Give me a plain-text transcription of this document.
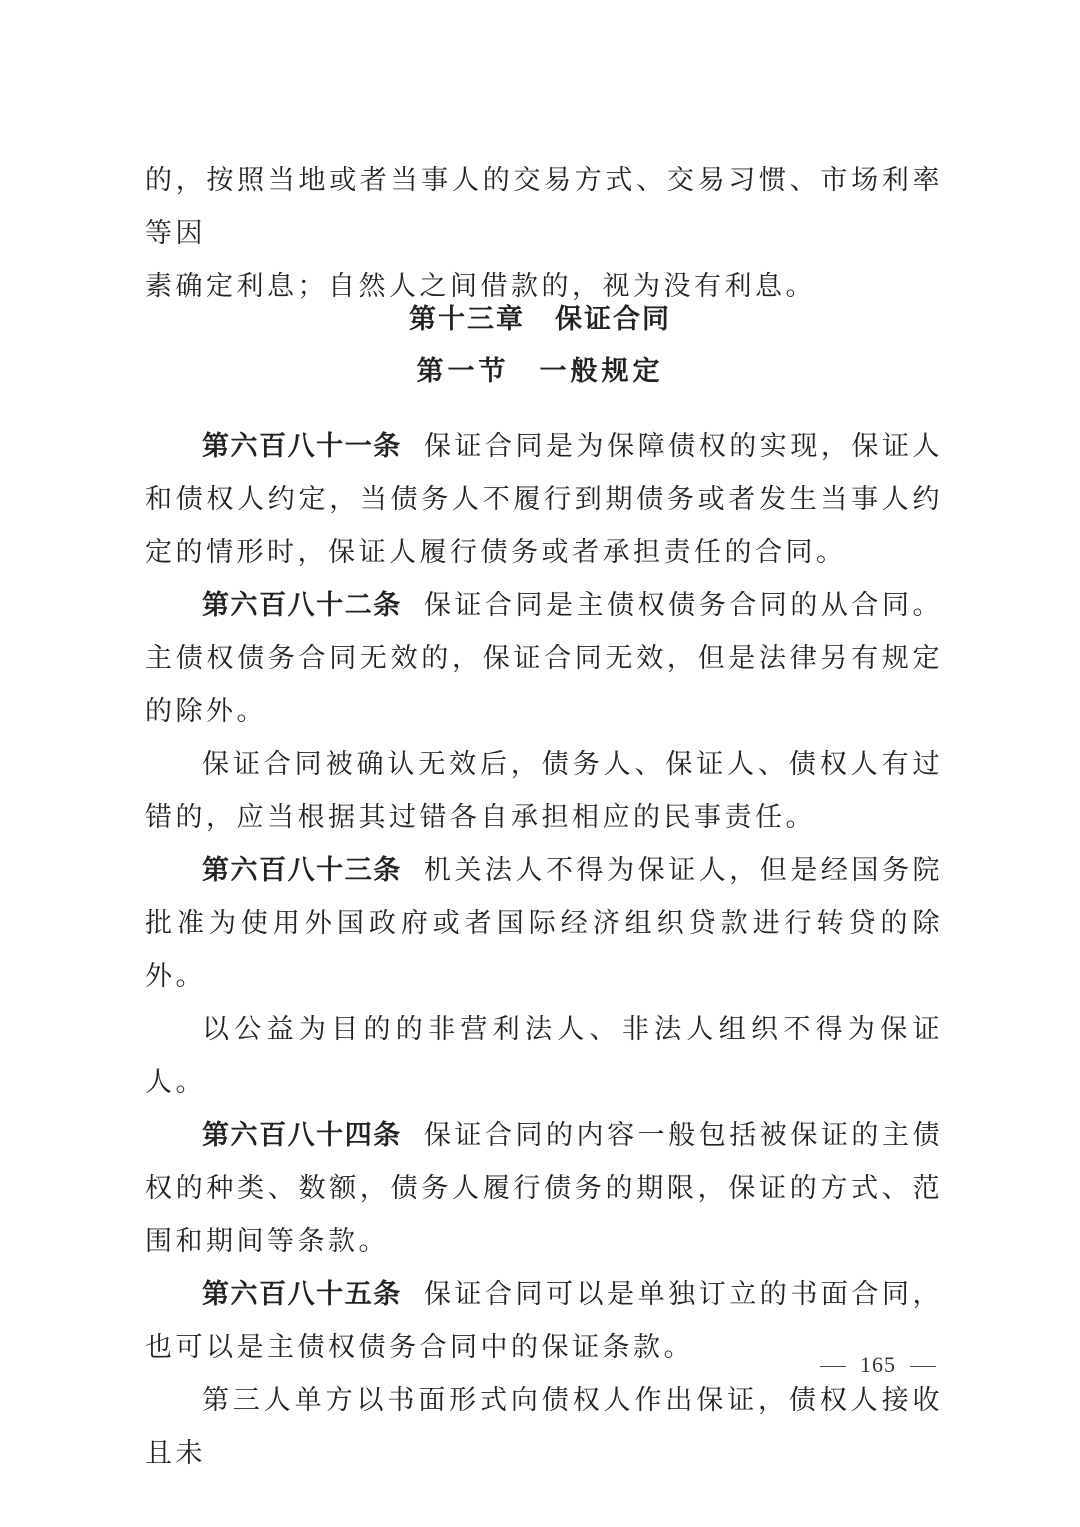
的，按照当地或者当事人的交易方式、交易习惯、市场利率等因
素确定利息；自然人之间借款的，视为没有利息。
第十三章 保证合同
第一节 一般规定

第六百八十一条 保证合同是为保障债权的实现，保证人和债权人约定，当债务人不履行到期债务或者发生当事人约定的情形时，保证人履行债务或者承担责任的合同。

第六百八十二条 保证合同是主债权债务合同的从合同。主债权债务合同无效的，保证合同无效，但是法律另有规定的除外。

保证合同被确认无效后，债务人、保证人、债权人有过错的，应当根据其过错各自承担相应的民事责任。

第六百八十三条 机关法人不得为保证人，但是经国务院批准为使用外国政府或者国际经济组织贷款进行转贷的除外。

以公益为目的的非营利法人、非法人组织不得为保证人。

第六百八十四条 保证合同的内容一般包括被保证的主债权的种类、数额，债务人履行债务的期限，保证的方式、范围和期间等条款。

第六百八十五条 保证合同可以是单独订立的书面合同，也可以是主债权债务合同中的保证条款。

第三人单方以书面形式向债权人作出保证，债权人接收且未

165
